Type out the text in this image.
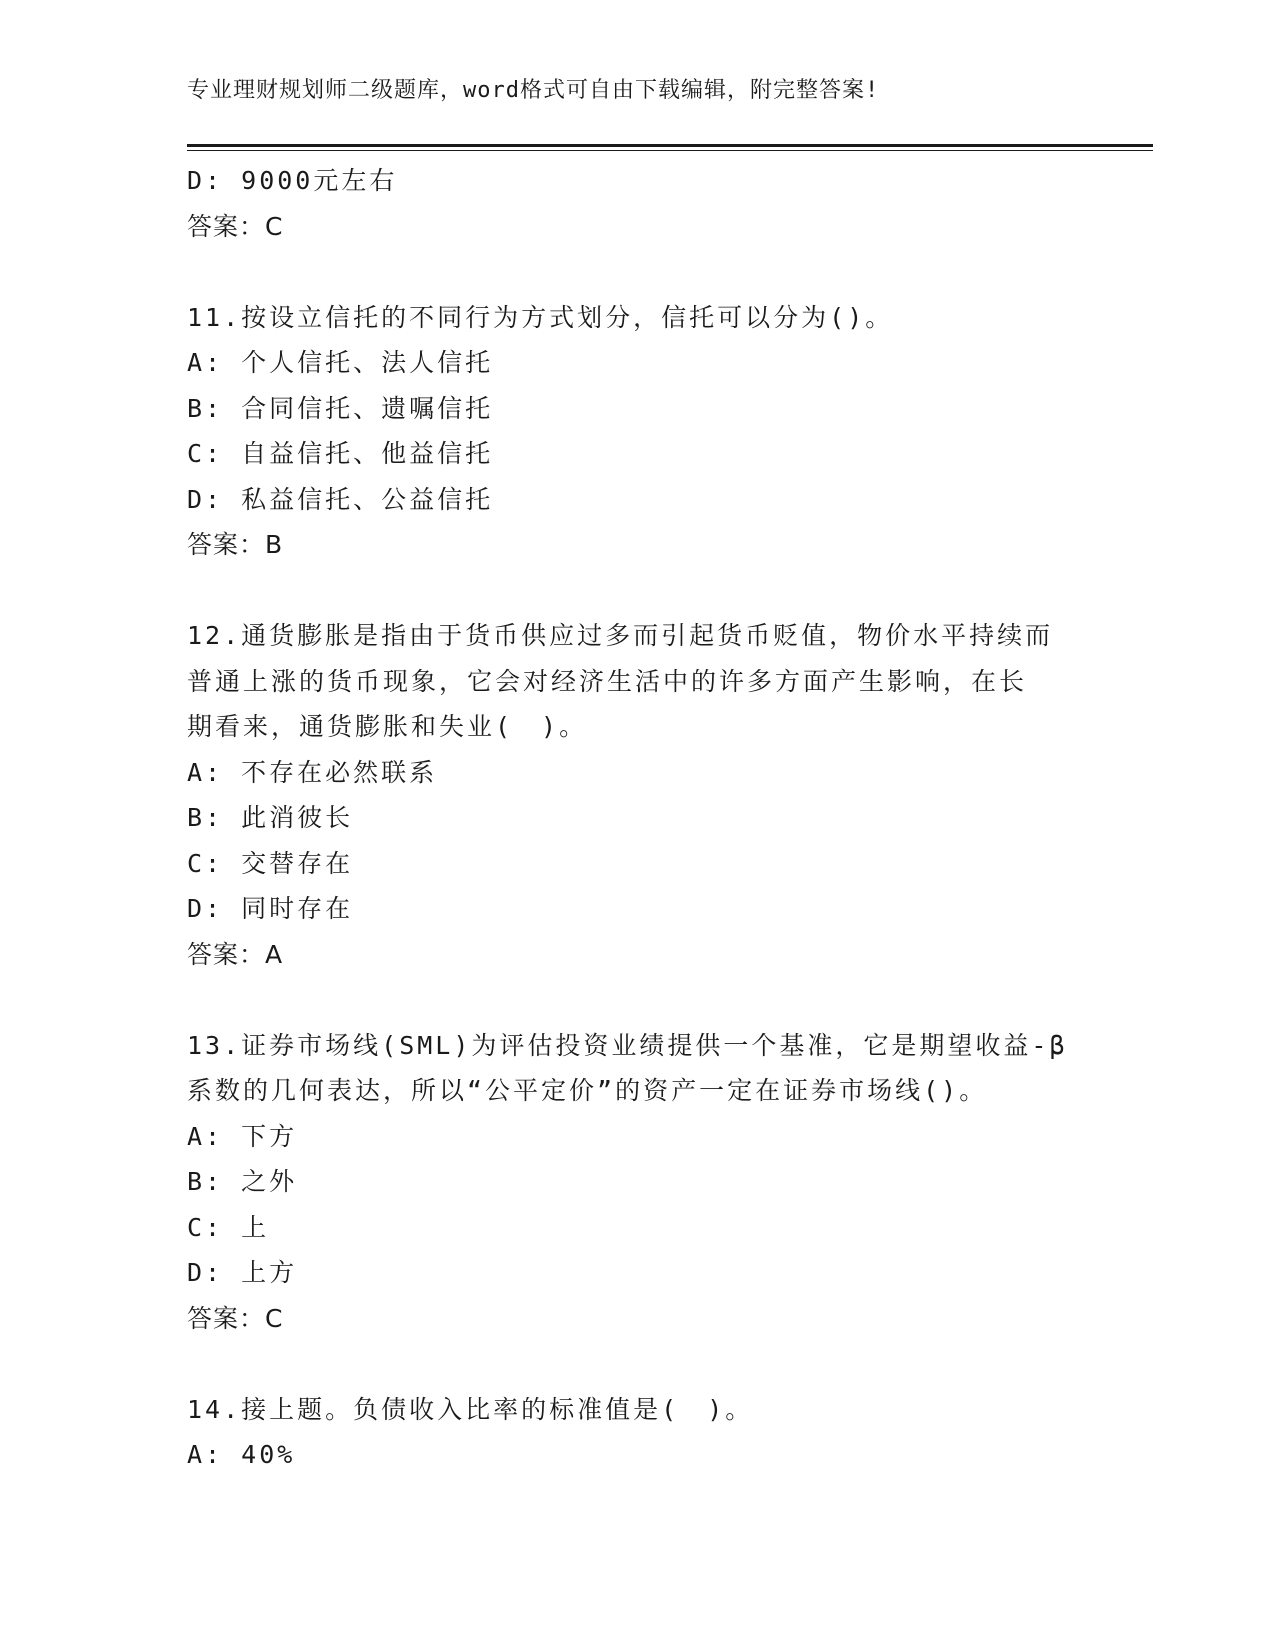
专业理财规划师二级题库，word格式可自由下载编辑，附完整答案!
D: 9000元左右
答案：C
11.按设立信托的不同行为方式划分，信托可以分为()。
A: 个人信托、法人信托
B: 合同信托、遗嘱信托
C: 自益信托、他益信托
D: 私益信托、公益信托
答案：B
12.通货膨胀是指由于货币供应过多而引起货币贬值，物价水平持续而
普通上涨的货币现象，它会对经济生活中的许多方面产生影响，在长
期看来，通货膨胀和失业(　)。
A: 不存在必然联系
B: 此消彼长
C: 交替存在
D: 同时存在
答案：A
13.证券市场线(SML)为评估投资业绩提供一个基准，它是期望收益-β
系数的几何表达，所以“公平定价”的资产一定在证券市场线()。
A: 下方
B: 之外
C: 上
D: 上方
答案：C
14.接上题。负债收入比率的标准值是(　)。
A: 40%
